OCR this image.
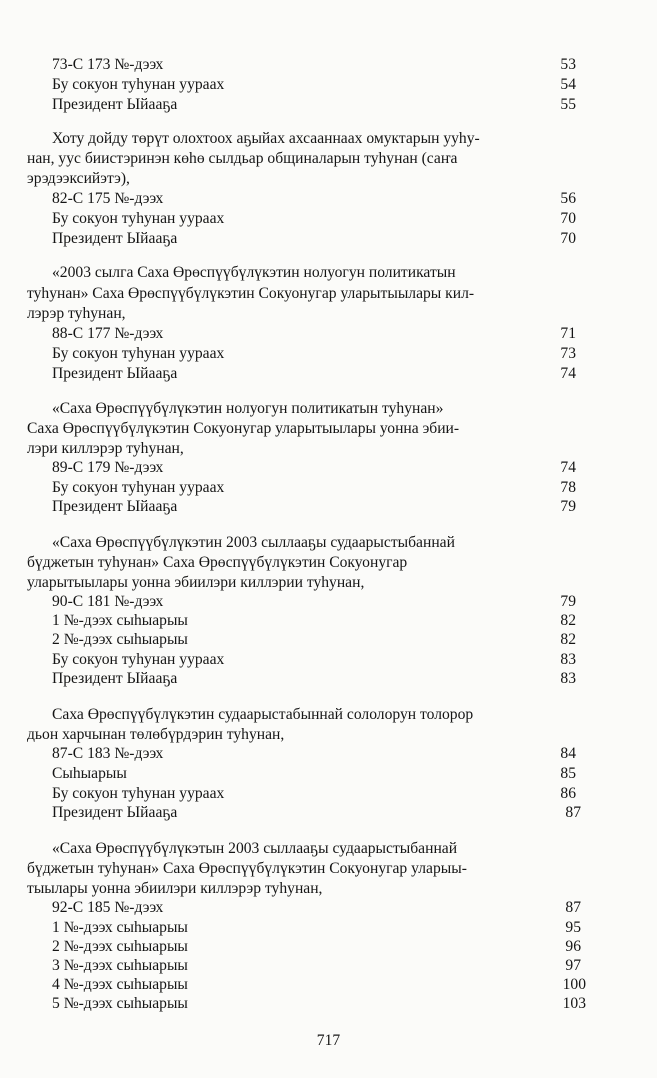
73-С 173 №-дээх	53
Бу сокуон туһунан уураах	54
Президент Ыйааҕа	55
Хоту дойду төрүт олохтоох аҕыйах ахсааннаах омуктарын ууһу-
нан, уус биистэринэн көһө сылдьар общиналарын туһунан (саҥа
эрэдээксийэтэ),
82-С 175 №-дээх	56
Бу сокуон туһунан уураах	70
Президент Ыйааҕа	70
«2003 сылга Саха Өрөспүүбүлүкэтин нолуогун политикатын
туһунан» Саха Өрөспүүбүлүкэтин Сокуонугар уларытыылары кил-
лэрэр туһунан,
88-С 177 №-дээх	71
Бу сокуон туһунан уураах	73
Президент Ыйааҕа	74
«Саха Өрөспүүбүлүкэтин нолуогун политикатын туһунан»
Саха Өрөспүүбүлүкэтин Сокуонугар уларытыылары уонна эбии-
лэри киллэрэр туһунан,
89-С 179 №-дээх	74
Бу сокуон туһунан уураах	78
Президент Ыйааҕа	79
«Саха Өрөспүүбүлүкэтин 2003 сыллааҕы судаарыстыбаннай
бүджетын туһунан» Саха Өрөспүүбүлүкэтин Сокуонугар
уларытыылары уонна эбиилэри киллэрии туһунан,
90-С 181 №-дээх	79
1 №-дээх сыһыарыы	82
2 №-дээх сыһыарыы	82
Бу сокуон туһунан уураах	83
Президент Ыйааҕа	83
Саха Өрөспүүбүлүкэтин судаарыстабыннай сололорун толорор
дьон харчынан төлөбүрдэрин туһунан,
87-С 183 №-дээх	84
Сыһыарыы	85
Бу сокуон туһунан уураах	86
Президент Ыйааҕа	87
«Саха Өрөспүүбүлүкэтын 2003 сыллааҕы судаарыстыбаннай
бүджетын туһунан» Саха Өрөспүүбүлүкэтин Сокуонугар уларыы-
тыылары уонна эбиилэри киллэрэр туһунан,
92-С 185 №-дээх	87
1 №-дээх сыһыарыы	95
2 №-дээх сыһыарыы	96
3 №-дээх сыһыарыы	97
4 №-дээх сыһыарыы	100
5 №-дээх сыһыарыы	103
717
